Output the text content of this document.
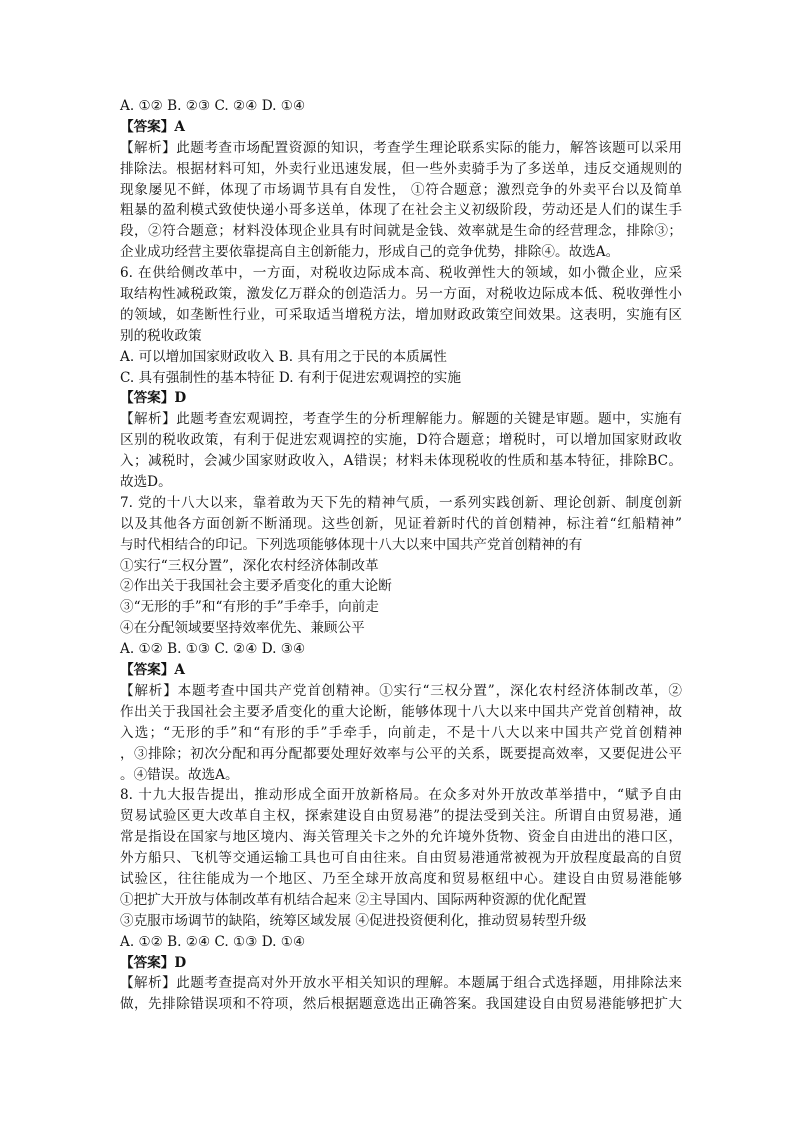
A. ①② B. ②③ C. ②④ D. ①④
【答案】A
【解析】此题考查市场配置资源的知识，考查学生理论联系实际的能力，解答该题可以采用
排除法。根据材料可知，外卖行业迅速发展，但一些外卖骑手为了多送单，违反交通规则的
现象屡见不鲜，体现了市场调节具有自发性， ①符合题意；激烈竞争的外卖平台以及简单
粗暴的盈利模式致使快递小哥多送单，体现了在社会主义初级阶段，劳动还是人们的谋生手
段，②符合题意；材料没体现企业具有时间就是金钱、效率就是生命的经营理念，排除③；
企业成功经营主要依靠提高自主创新能力，形成自己的竞争优势，排除④。故选A。
6. 在供给侧改革中，一方面，对税收边际成本高、税收弹性大的领域，如小微企业，应采
取结构性减税政策，激发亿万群众的创造活力。另一方面，对税收边际成本低、税收弹性小
的领域，如垄断性行业，可采取适当增税方法，增加财政政策空间效果。这表明，实施有区
别的税收政策
A. 可以增加国家财政收入 B. 具有用之于民的本质属性
C. 具有强制性的基本特征 D. 有利于促进宏观调控的实施
【答案】D
【解析】此题考查宏观调控，考查学生的分析理解能力。解题的关键是审题。题中，实施有
区别的税收政策，有利于促进宏观调控的实施，D符合题意；增税时，可以增加国家财政收
入；减税时，会减少国家财政收入，A错误；材料未体现税收的性质和基本特征，排除BC。
故选D。
7. 党的十八大以来，靠着敢为天下先的精神气质，一系列实践创新、理论创新、制度创新
以及其他各方面创新不断涌现。这些创新，见证着新时代的首创精神，标注着“红船精神”
与时代相结合的印记。下列选项能够体现十八大以来中国共产党首创精神的有
①实行“三权分置”，深化农村经济体制改革
②作出关于我国社会主要矛盾变化的重大论断
③“无形的手”和“有形的手”手牵手，向前走
④在分配领域要坚持效率优先、兼顾公平
A. ①② B. ①③ C. ②④ D. ③④
【答案】A
【解析】本题考查中国共产党首创精神。①实行“三权分置”，深化农村经济体制改革，②
作出关于我国社会主要矛盾变化的重大论断，能够体现十八大以来中国共产党首创精神，故
入选；“无形的手”和“有形的手”手牵手，向前走，不是十八大以来中国共产党首创精神
，③排除；初次分配和再分配都要处理好效率与公平的关系，既要提高效率，又要促进公平
。④错误。故选A。
8. 十九大报告提出，推动形成全面开放新格局。在众多对外开放改革举措中，“赋予自由
贸易试验区更大改革自主权，探索建设自由贸易港”的提法受到关注。所谓自由贸易港，通
常是指设在国家与地区境内、海关管理关卡之外的允许境外货物、资金自由进出的港口区，
外方船只、飞机等交通运输工具也可自由往来。自由贸易港通常被视为开放程度最高的自贸
试验区，往往能成为一个地区、乃至全球开放高度和贸易枢纽中心。建设自由贸易港能够
①把扩大开放与体制改革有机结合起来 ②主导国内、国际两种资源的优化配置
③克服市场调节的缺陷，统筹区域发展 ④促进投资便利化，推动贸易转型升级
A. ①② B. ②④ C. ①③ D. ①④
【答案】D
【解析】此题考查提高对外开放水平相关知识的理解。本题属于组合式选择题，用排除法来
做，先排除错误项和不符项，然后根据题意选出正确答案。我国建设自由贸易港能够把扩大
